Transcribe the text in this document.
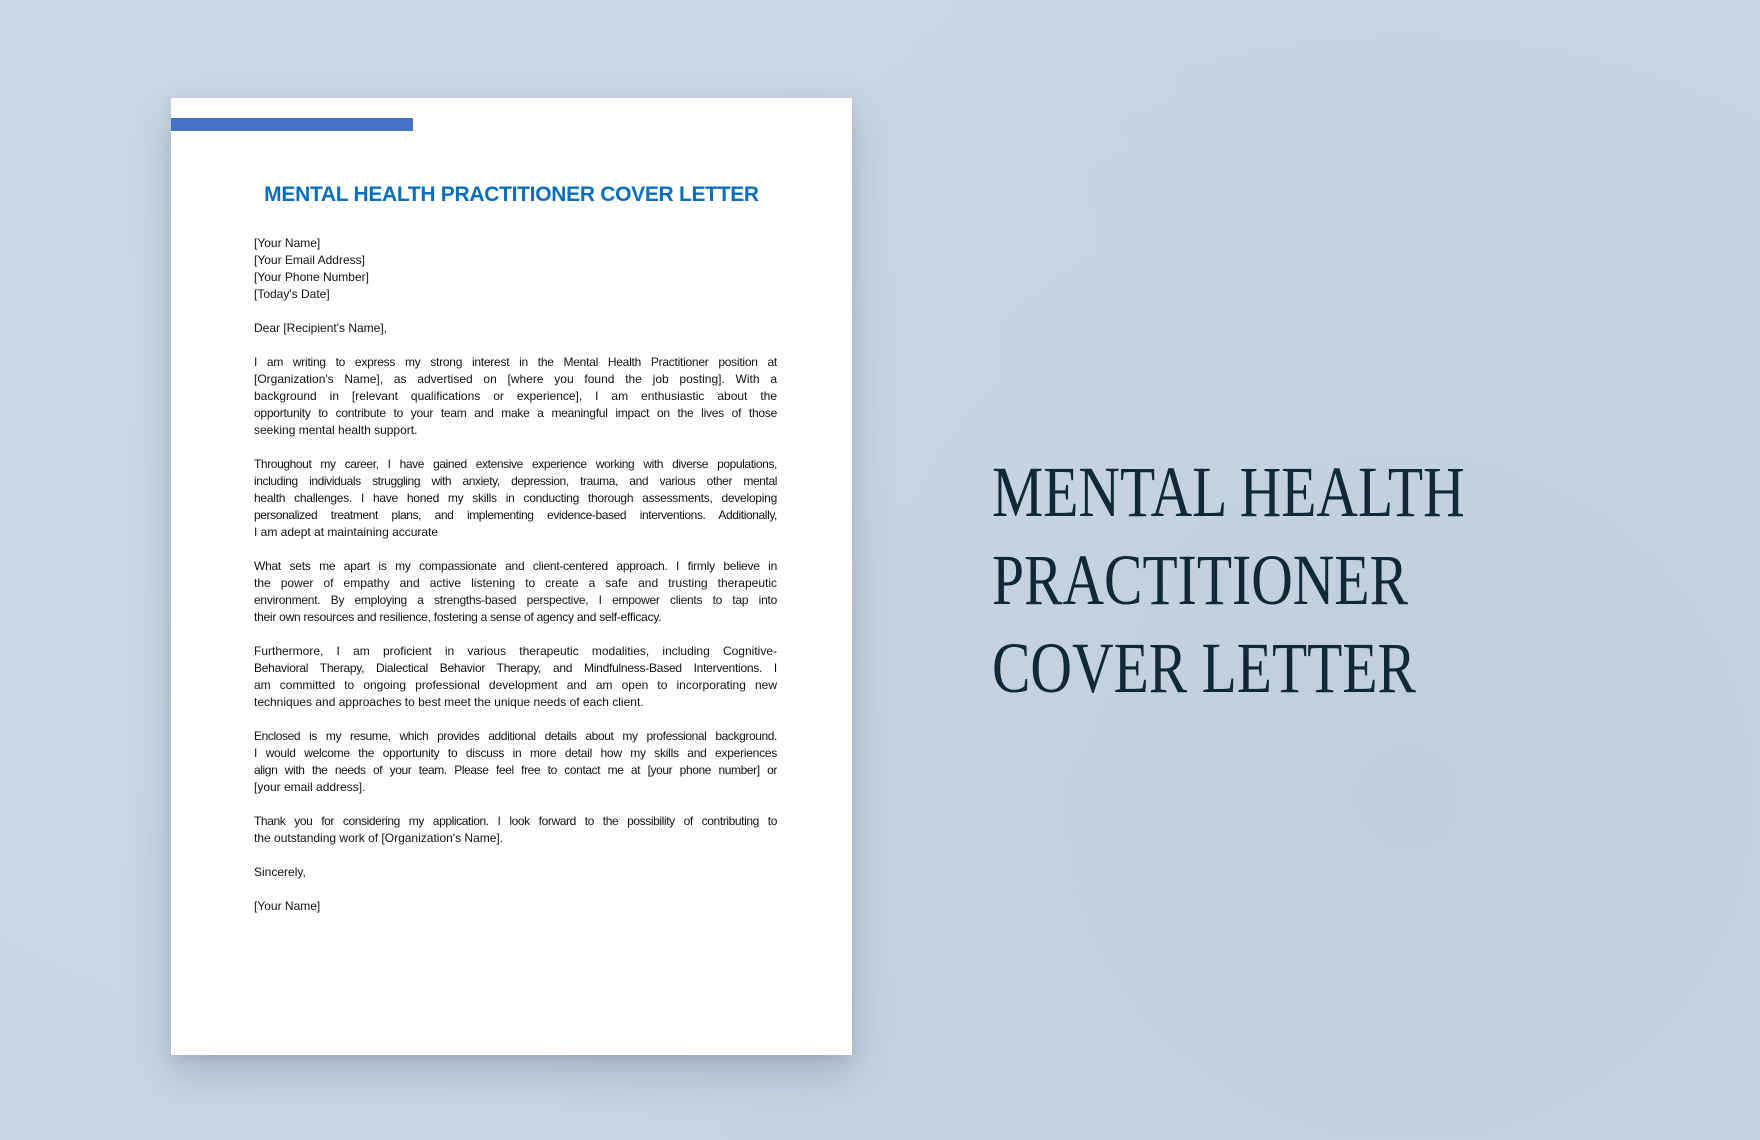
MENTAL HEALTH PRACTITIONER COVER LETTER
[Your Name]
[Your Email Address]
[Your Phone Number]
[Today's Date]
Dear [Recipient's Name],
I am writing to express my strong interest in the Mental Health Practitioner position at
[Organization's Name], as advertised on [where you found the job posting]. With a
background in [relevant qualifications or experience], I am enthusiastic about the
opportunity to contribute to your team and make a meaningful impact on the lives of those
seeking mental health support.
Throughout my career, I have gained extensive experience working with diverse populations,
including individuals struggling with anxiety, depression, trauma, and various other mental
health challenges. I have honed my skills in conducting thorough assessments, developing
personalized treatment plans, and implementing evidence-based interventions. Additionally,
I am adept at maintaining accurate
What sets me apart is my compassionate and client-centered approach. I firmly believe in
the power of empathy and active listening to create a safe and trusting therapeutic
environment. By employing a strengths-based perspective, I empower clients to tap into
their own resources and resilience, fostering a sense of agency and self-efficacy.
Furthermore, I am proficient in various therapeutic modalities, including Cognitive-
Behavioral Therapy, Dialectical Behavior Therapy, and Mindfulness-Based Interventions. I
am committed to ongoing professional development and am open to incorporating new
techniques and approaches to best meet the unique needs of each client.
Enclosed is my resume, which provides additional details about my professional background.
I would welcome the opportunity to discuss in more detail how my skills and experiences
align with the needs of your team. Please feel free to contact me at [your phone number] or
[your email address].
Thank you for considering my application. I look forward to the possibility of contributing to
the outstanding work of [Organization's Name].
Sincerely,
[Your Name]
MENTAL HEALTH
PRACTITIONER
COVER LETTER
